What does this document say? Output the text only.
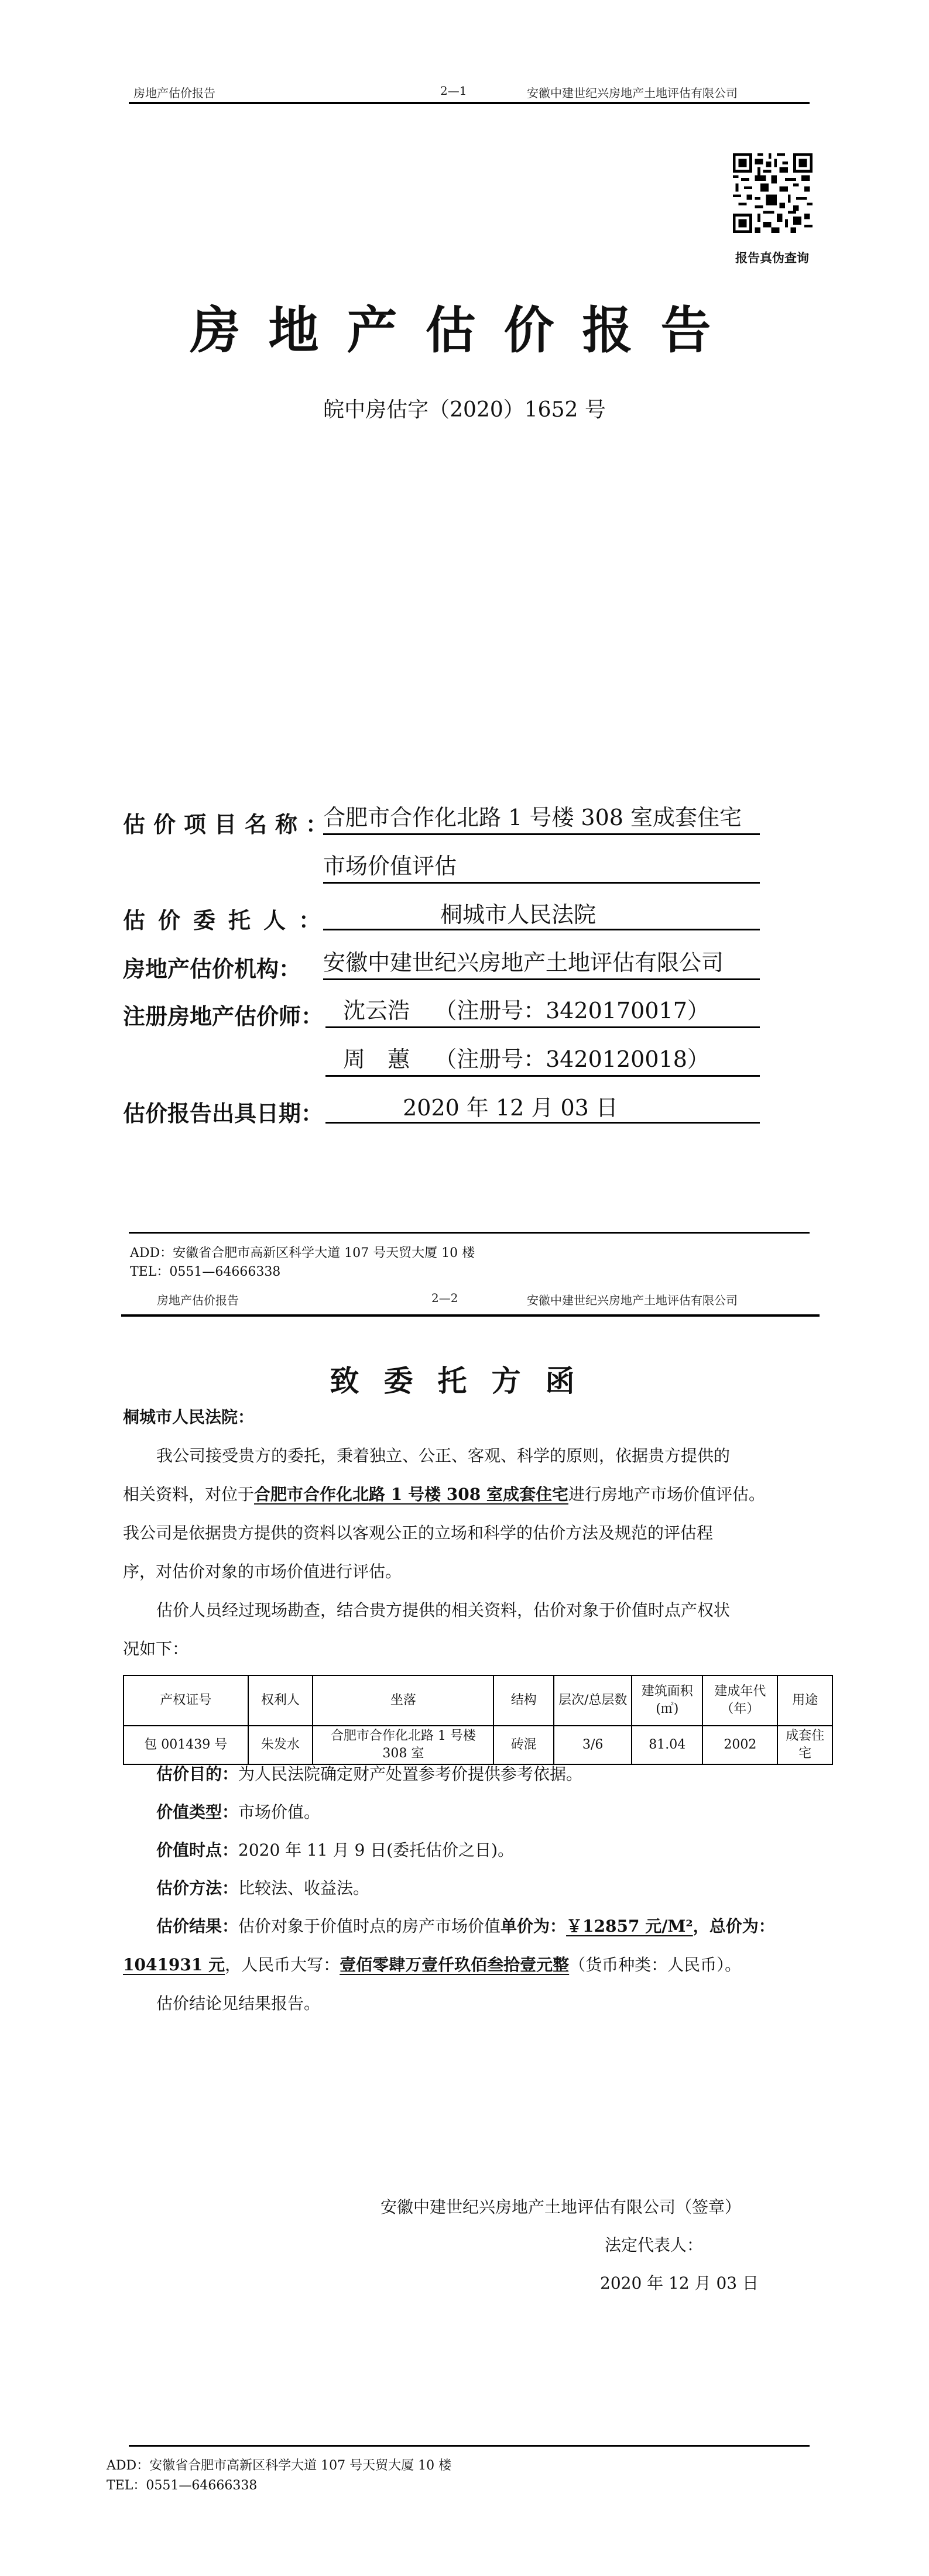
房地产估价报告	2—1	安徽中建世纪兴房地产土地评估有限公司
报告真伪查询
房地产估价报告
皖中房估字（2020）1652 号
估价项目名称：
合肥市合作化北路 1 号楼 308 室成套住宅
市场价值评估
估价委托人：	桐城市人民法院
房地产估价机构： 安徽中建世纪兴房地产土地评估有限公司
注册房地产估价师： 沈云浩 （注册号：3420170017）
周　蕙 （注册号：3420120018）
估价报告出具日期：	2020 年 12 月 03 日
ADD：安徽省合肥市高新区科学大道 107 号天贸大厦 10 楼
TEL：0551—64666338
房地产估价报告	2—2	安徽中建世纪兴房地产土地评估有限公司
致委托方函
桐城市人民法院：
我公司接受贵方的委托，秉着独立、公正、客观、科学的原则，依据贵方提供的
相关资料，对位于合肥市合作化北路 1 号楼 308 室成套住宅进行房地产市场价值评估。
我公司是依据贵方提供的资料以客观公正的立场和科学的估价方法及规范的评估程
序，对估价对象的市场价值进行评估。
估价人员经过现场勘查，结合贵方提供的相关资料，估价对象于价值时点产权状
况如下：
产权证号	权利人	坐落	结构	层次/总层数	建筑面积(㎡)	建成年代（年）	用途
包 001439 号	朱发水	合肥市合作化北路 1 号楼 308 室	砖混	3/6	81.04	2002	成套住宅
估价目的：为人民法院确定财产处置参考价提供参考依据。
价值类型：市场价值。
价值时点：2020 年 11 月 9 日(委托估价之日)。
估价方法：比较法、收益法。
估价结果：估价对象于价值时点的房产市场价值单价为：￥12857 元/M²，总价为：
1041931 元，人民币大写：壹佰零肆万壹仟玖佰叁拾壹元整（货币种类：人民币）。
估价结论见结果报告。
安徽中建世纪兴房地产土地评估有限公司（签章）
法定代表人：
2020 年 12 月 03 日
ADD：安徽省合肥市高新区科学大道 107 号天贸大厦 10 楼
TEL：0551—64666338
